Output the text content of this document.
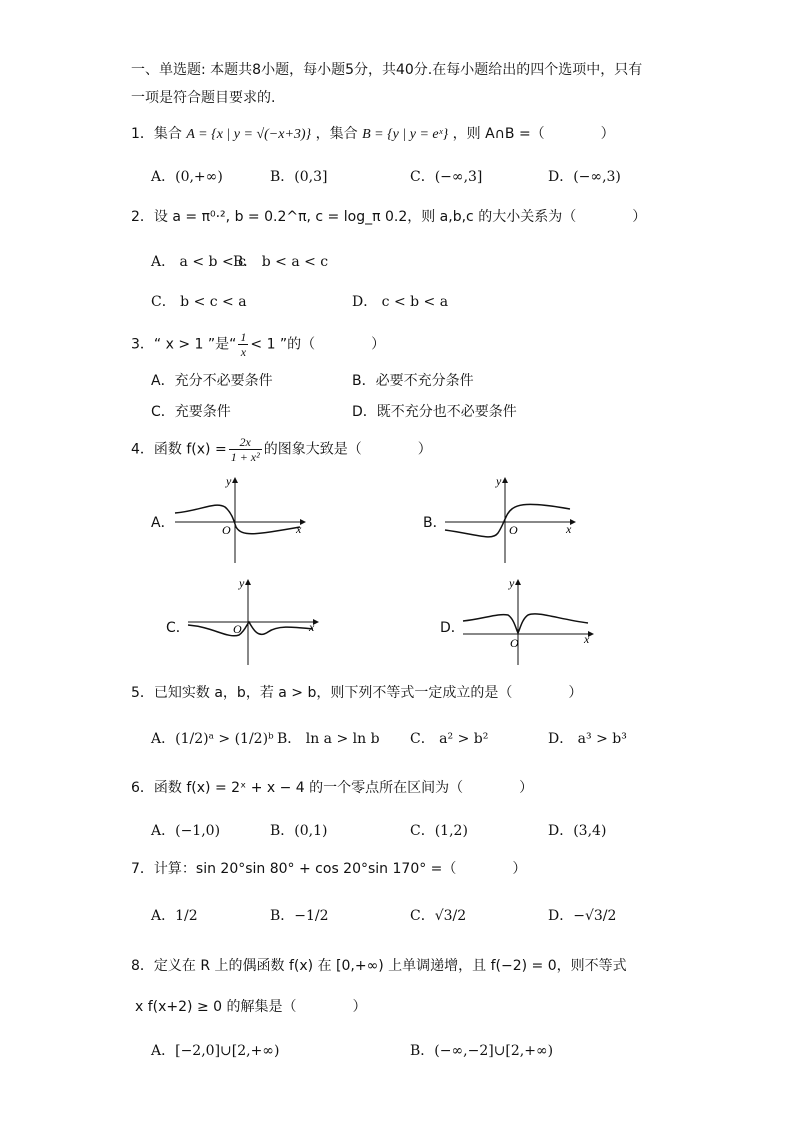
一、单选题: 本题共8小题，每小题5分，共40分.在每小题给出的四个选项中，只有
一项是符合题目要求的.
1．集合 A = {x | y = √(−x+3)} ，集合 B = {y | y = eˣ} ，则 A∩B =（　　　　）
A．(0,+∞)	B．(0,3]	C．(−∞,3]	D．(−∞,3)
2．设 a = π⁰·², b = 0.2^π, c = log_π 0.2，则 a,b,c 的大小关系为（　　　　）
A． a < b < c
B． b < a < c
C． b < c < a	D． c < b < a
3．“ x > 1 ”是“ $\frac{1}{x} < 1$ ”的（　　　　）
A．充分不必要条件	B．必要不充分条件
C．充要条件	D．既不充分也不必要条件
4．函数 $f(x) = \frac{2x}{\text{1 + x²}}$ 的图象大致是（　　　　）
A．
y
x
O	B．
y
x
O
C．
y
x
O	D．
y
x
O
5．已知实数 a，b，若 a > b，则下列不等式一定成立的是（　　　　）
A．(1/2)ᵃ > (1/2)ᵇ B． ln a > ln b C． a² > b²	D． a³ > b³
6．函数 f(x) = 2ˣ + x − 4 的一个零点所在区间为（　　　　）
A．(−1,0)	B．(0,1)	C．(1,2)	D．(3,4)
7．计算：sin 20°sin 80° + cos 20°sin 170° =（　　　　）
A．1/2	B．−1/2	C．√3/2	D．−√3/2
8．定义在 R 上的偶函数 f(x) 在 [0,+∞) 上单调递增，且 f(−2) = 0，则不等式
x f(x+2) ≥ 0 的解集是（　　　　）
A．[−2,0]∪[2,+∞)	B．(−∞,−2]∪[2,+∞)
